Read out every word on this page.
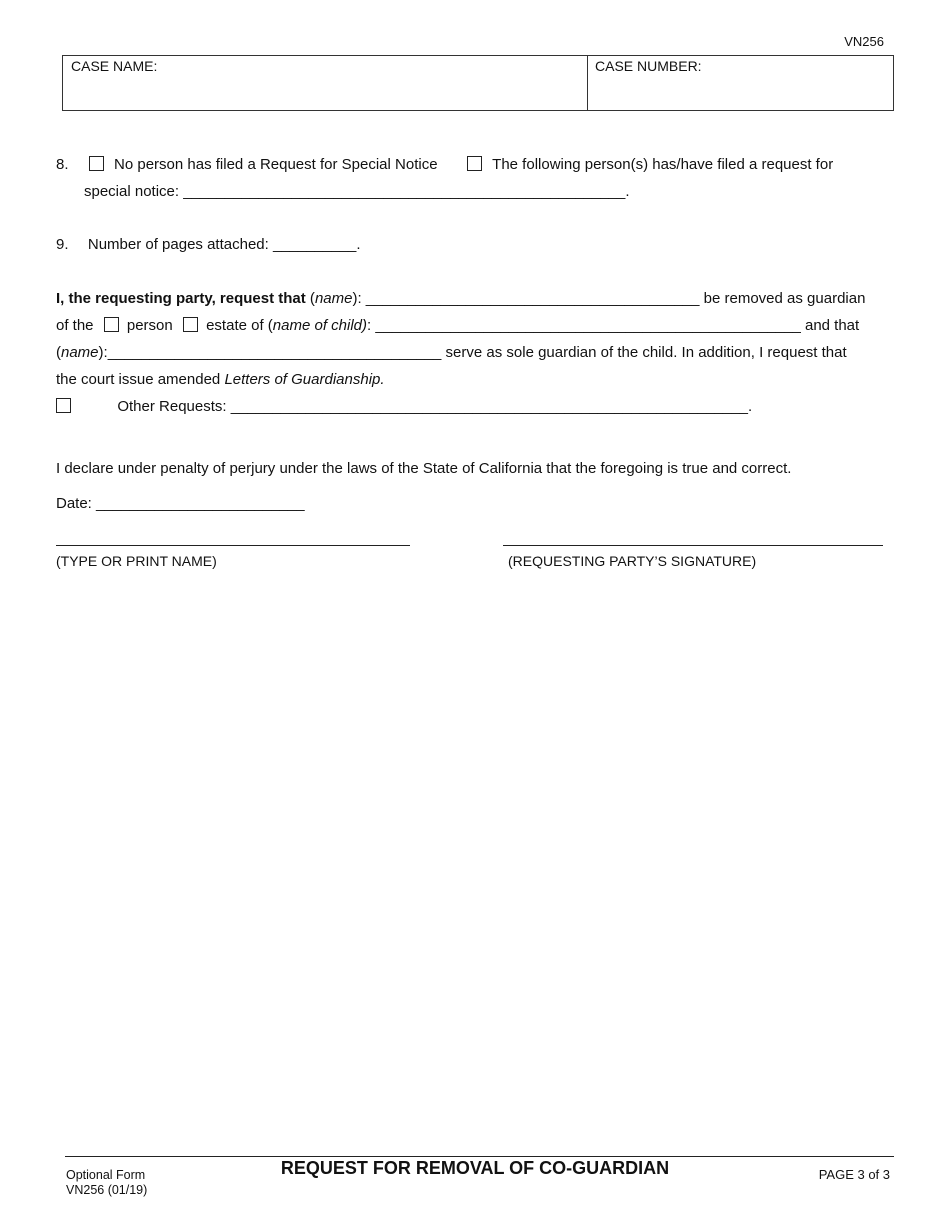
VN256
CASE NAME:	CASE NUMBER:
8.	No person has filed a Request for Special Notice	The following person(s) has/have filed a request for
special notice: _____________________________________________________.
9. Number of pages attached: __________.
I, the requesting party, request that (name): ________________________________________ be removed as guardian
of the person estate of (name of child): ___________________________________________________ and that
(name):________________________________________ serve as sole guardian of the child. In addition, I request that
the court issue amended Letters of Guardianship.
Other Requests: ______________________________________________________________.
I declare under penalty of perjury under the laws of the State of California that the foregoing is true and correct.
Date: _________________________
(TYPE OR PRINT NAME)	(REQUESTING PARTY’S SIGNATURE)
Optional Form
VN256 (01/19)
REQUEST FOR REMOVAL OF CO-GUARDIAN	PAGE 3 of 3
